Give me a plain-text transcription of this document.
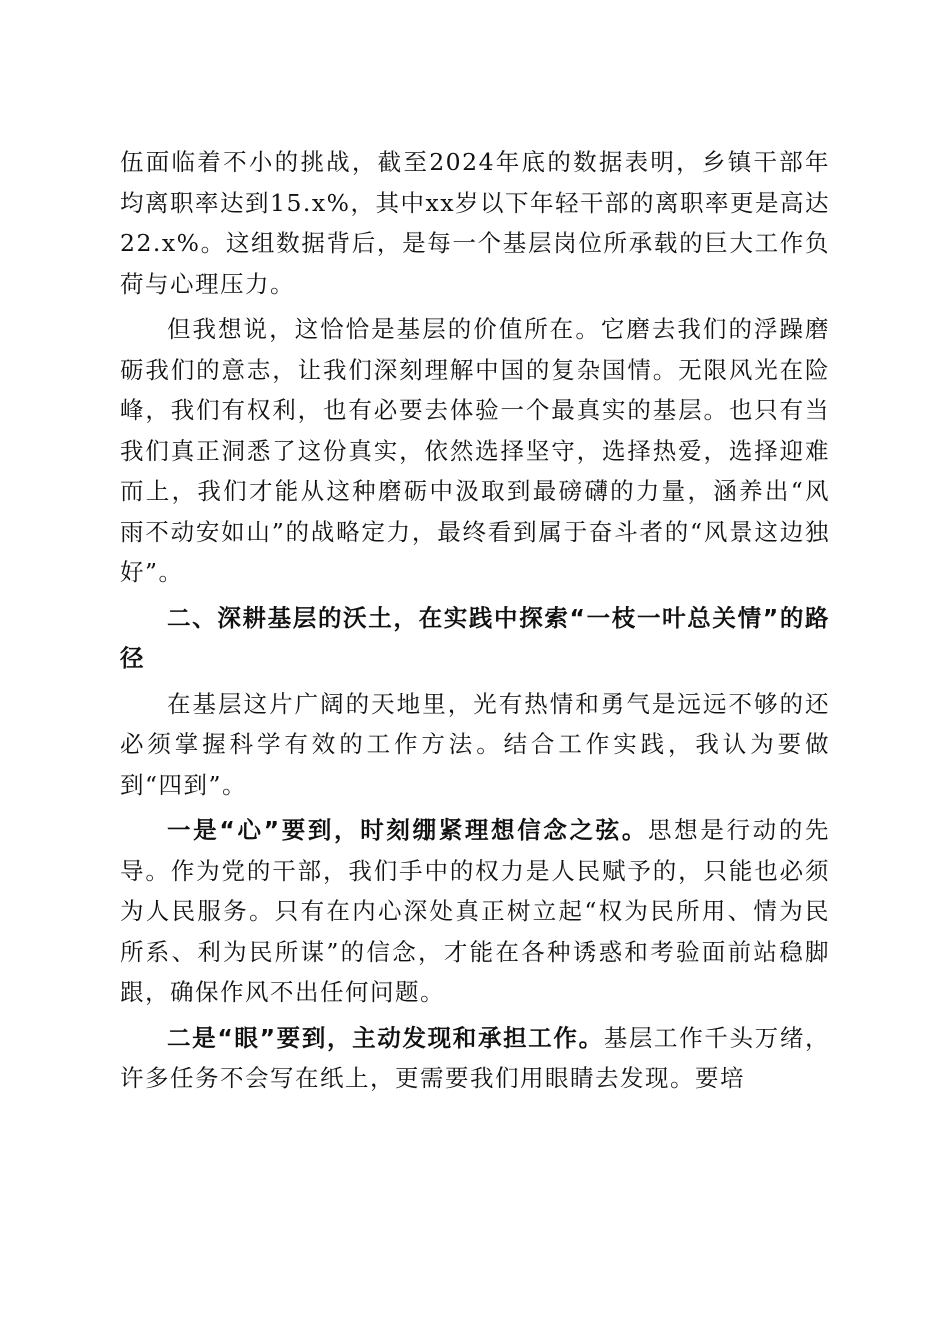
伍面临着不小的挑战，截至2024年底的数据表明，乡镇干部年均离职率达到15.x%，其中xx岁以下年轻干部的离职率更是高达22.x%。这组数据背后，是每一个基层岗位所承载的巨大工作负荷与心理压力。

但我想说，这恰恰是基层的价值所在。它磨去我们的浮躁磨砺我们的意志，让我们深刻理解中国的复杂国情。无限风光在险峰，我们有权利，也有必要去体验一个最真实的基层。也只有当我们真正洞悉了这份真实，依然选择坚守，选择热爱，选择迎难而上，我们才能从这种磨砺中汲取到最磅礴的力量，涵养出“风雨不动安如山”的战略定力，最终看到属于奋斗者的“风景这边独好”。

二、深耕基层的沃土，在实践中探索“一枝一叶总关情”的路径

在基层这片广阔的天地里，光有热情和勇气是远远不够的还必须掌握科学有效的工作方法。结合工作实践，我认为要做到“四到”。

一是“心”要到，时刻绷紧理想信念之弦。思想是行动的先导。作为党的干部，我们手中的权力是人民赋予的，只能也必须为人民服务。只有在内心深处真正树立起“权为民所用、情为民所系、利为民所谋”的信念，才能在各种诱惑和考验面前站稳脚跟，确保作风不出任何问题。

二是“眼”要到，主动发现和承担工作。基层工作千头万绪，许多任务不会写在纸上，更需要我们用眼睛去发现。要培
